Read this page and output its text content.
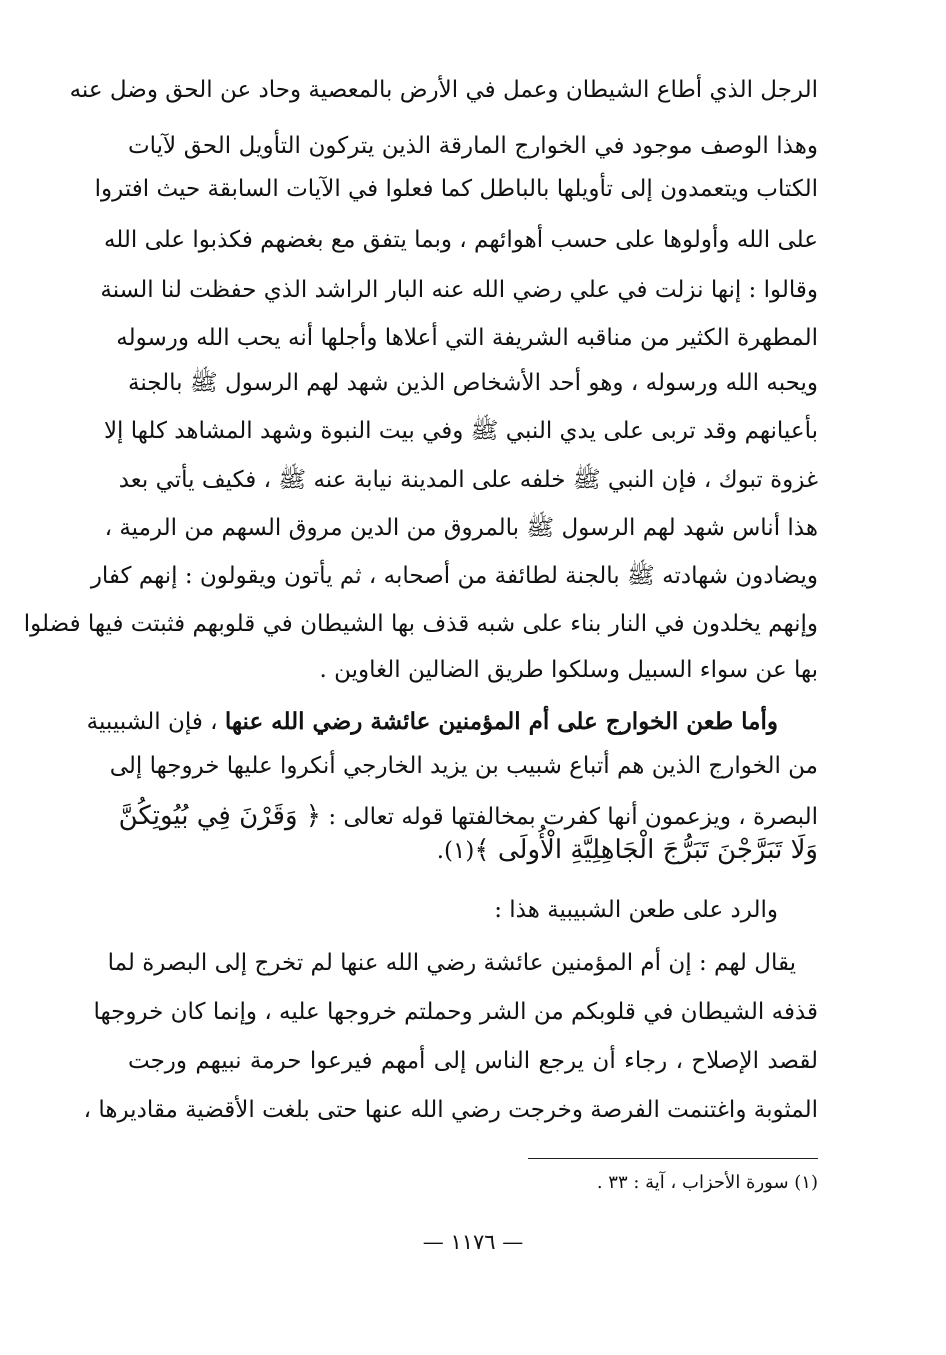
الرجل الذي أطاع الشيطان وعمل في الأرض بالمعصية وحاد عن الحق وضل عنه
وهذا الوصف موجود في الخوارج المارقة الذين يتركون التأويل الحق لآيات
الكتاب ويتعمدون إلى تأويلها بالباطل كما فعلوا في الآيات السابقة حيث افتروا
على الله وأولوها على حسب أهوائهم ، وبما يتفق مع بغضهم فكذبوا على الله
وقالوا : إنها نزلت في علي رضي الله عنه البار الراشد الذي حفظت لنا السنة
المطهرة الكثير من مناقبه الشريفة التي أعلاها وأجلها أنه يحب الله ورسوله
ويحبه الله ورسوله ، وهو أحد الأشخاص الذين شهد لهم الرسول ﷺ بالجنة
بأعيانهم وقد تربى على يدي النبي ﷺ وفي بيت النبوة وشهد المشاهد كلها إلا
غزوة تبوك ، فإن النبي ﷺ خلفه على المدينة نيابة عنه ﷺ ، فكيف يأتي بعد
هذا أناس شهد لهم الرسول ﷺ بالمروق من الدين مروق السهم من الرمية ،
ويضادون شهادته ﷺ بالجنة لطائفة من أصحابه ، ثم يأتون ويقولون : إنهم كفار
وإنهم يخلدون في النار بناء على شبه قذف بها الشيطان في قلوبهم فثبتت فيها فضلوا
بها عن سواء السبيل وسلكوا طريق الضالين الغاوين .
وأما طعن الخوارج على أم المؤمنين عائشة رضي الله عنها ، فإن الشبيبية
من الخوارج الذين هم أتباع شبيب بن يزيد الخارجي أنكروا عليها خروجها إلى
البصرة ، ويزعمون أنها كفرت بمخالفتها قوله تعالى : ﴿ وَقَرْنَ فِي بُيُوتِكُنَّ
وَلَا تَبَرَّجْنَ تَبَرُّجَ الْجَاهِلِيَّةِ الْأُولَى ﴾(١).
والرد على طعن الشبيبية هذا :
يقال لهم : إن أم المؤمنين عائشة رضي الله عنها لم تخرج إلى البصرة لما
قذفه الشيطان في قلوبكم من الشر وحملتم خروجها عليه ، وإنما كان خروجها
لقصد الإصلاح ، رجاء أن يرجع الناس إلى أمهم فيرعوا حرمة نبيهم ورجت
المثوبة واغتنمت الفرصة وخرجت رضي الله عنها حتى بلغت الأقضية مقاديرها ،
(١) سورة الأحزاب ، آية : ٣٣ .
— ١١٧٦ —
